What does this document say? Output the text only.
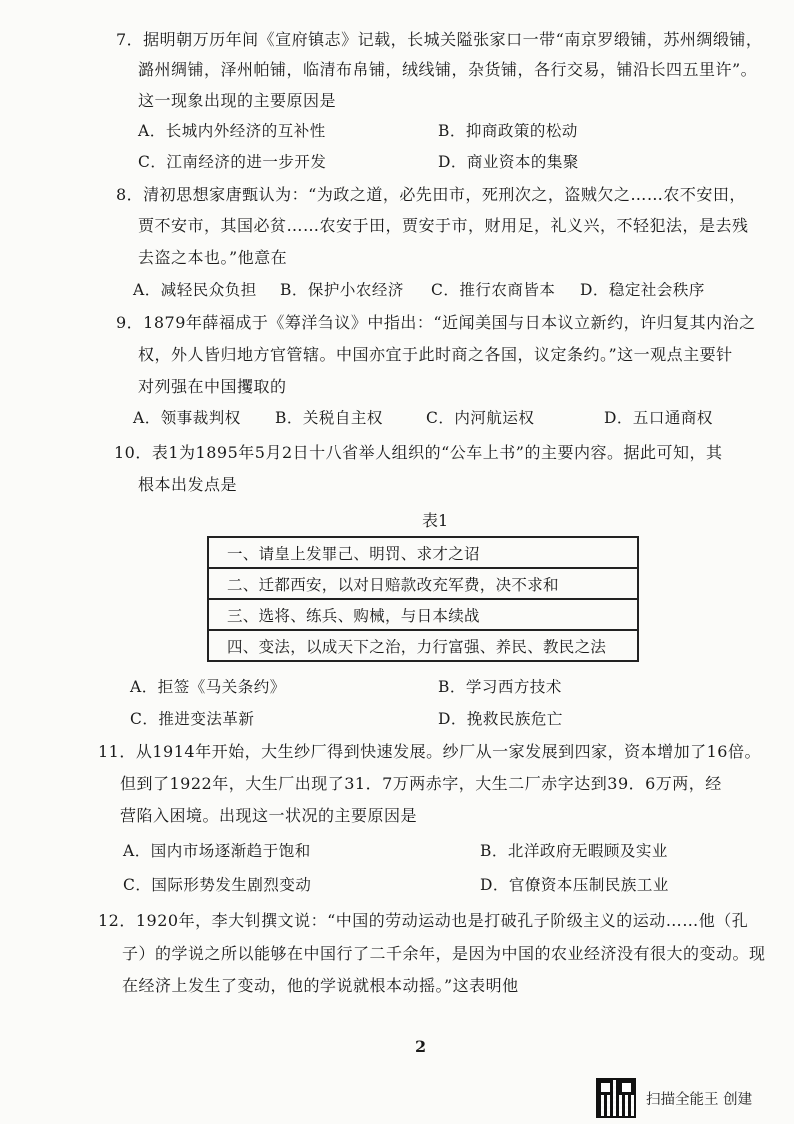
7．据明朝万历年间《宣府镇志》记载，长城关隘张家口一带“南京罗缎铺，苏州绸缎铺，
潞州绸铺，泽州帕铺，临清布帛铺，绒线铺，杂货铺，各行交易，铺沿长四五里许”。
这一现象出现的主要原因是
A．长城内外经济的互补性	B．抑商政策的松动
C．江南经济的进一步开发	D．商业资本的集聚
8．清初思想家唐甄认为：“为政之道，必先田市，死刑次之，盗贼欠之……农不安田，
贾不安市，其国必贫……农安于田，贾安于市，财用足，礼义兴，不轻犯法，是去残
去盗之本也。”他意在
A．减轻民众负担 B．保护小农经济 C．推行农商皆本 D．稳定社会秩序
9．1879年薛福成于《筹洋刍议》中指出：“近闻美国与日本议立新约，许归复其内治之
权，外人皆归地方官管辖。中国亦宜于此时商之各国，议定条约。”这一观点主要针
对列强在中国攫取的
A．领事裁判权 B．关税自主权	C．内河航运权	D．五口通商权
10．表1为1895年5月2日十八省举人组织的“公车上书”的主要内容。据此可知，其
根本出发点是
表1
一、请皇上发罪己、明罚、求才之诏
二、迁都西安，以对日赔款改充军费，决不求和
三、选将、练兵、购械，与日本续战
四、变法，以成天下之治，力行富强、养民、教民之法
A．拒签《马关条约》	B．学习西方技术
C．推进变法革新	D．挽救民族危亡
11．从1914年开始，大生纱厂得到快速发展。纱厂从一家发展到四家，资本增加了16倍。
但到了1922年，大生厂出现了31．7万两赤字，大生二厂赤字达到39．6万两，经
营陷入困境。出现这一状况的主要原因是
A．国内市场逐渐趋于饱和	B．北洋政府无暇顾及实业
C．国际形势发生剧烈变动	D．官僚资本压制民族工业
12．1920年，李大钊撰文说：“中国的劳动运动也是打破孔子阶级主义的运动……他（孔
子）的学说之所以能够在中国行了二千余年，是因为中国的农业经济没有很大的变动。现
在经济上发生了变动，他的学说就根本动摇。”这表明他
2
扫描全能王 创建
